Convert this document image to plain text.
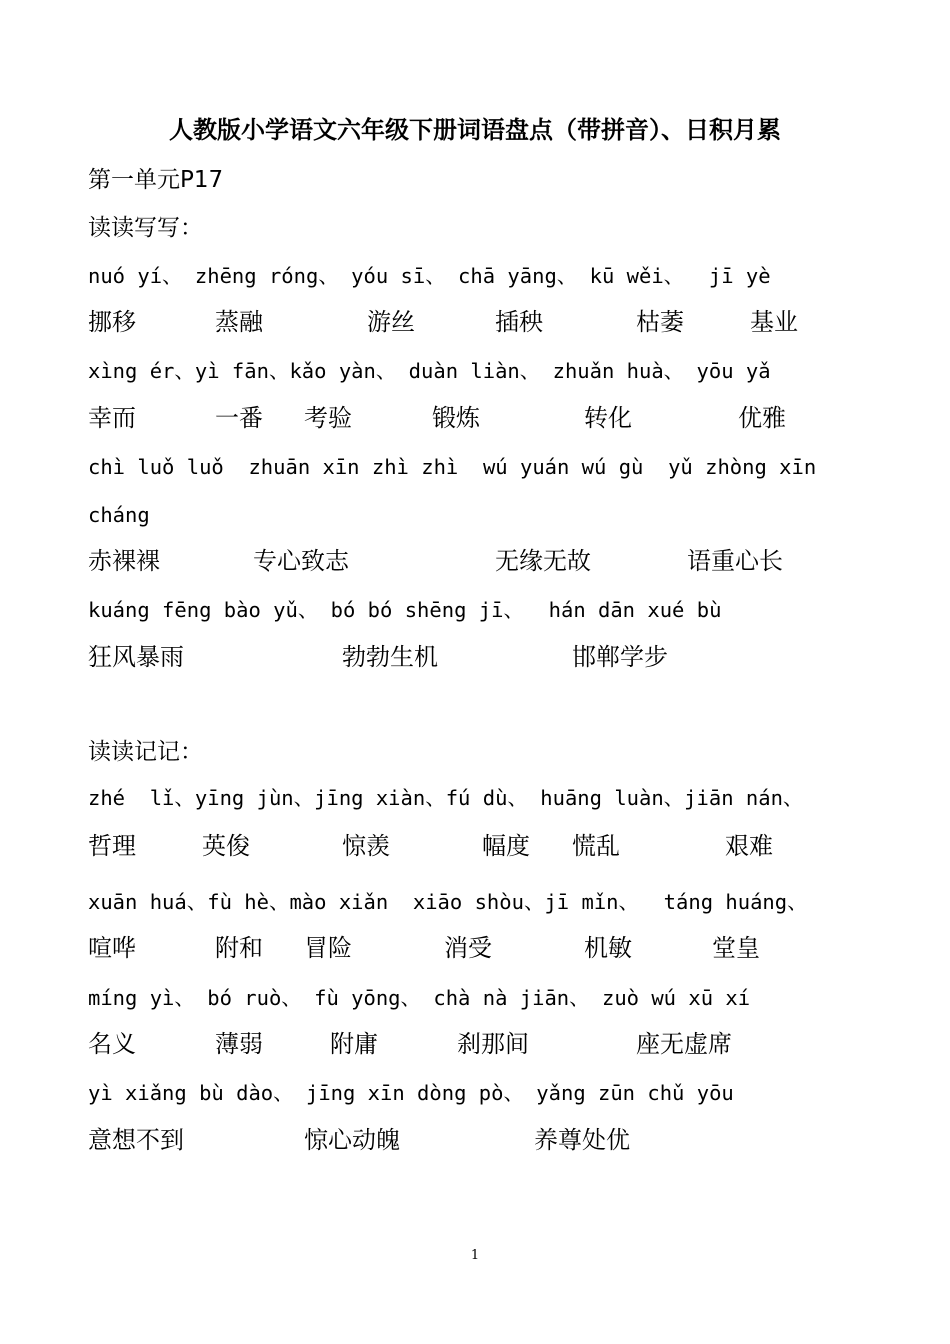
人教版小学语文六年级下册词语盘点（带拼音）、日积月累
第一单元P17
读读写写：
nuó yí、 zhēng róng、 yóu sī、 chā yāng、 kū wěi、  jī yè

挪移

	蒸融

	游丝

	插秧

	枯萎

	基业

xìng ér、yì fān、kǎo yàn、 duàn liàn、 zhuǎn huà、 yōu yǎ

幸而

	一番

考验

	锻炼

	转化

	优雅

chì luǒ luǒ  zhuān xīn zhì zhì  wú yuán wú gù  yǔ zhòng xīn
cháng

赤裸裸

	专心致志

	无缘无故

	语重心长

kuáng fēng bào yǔ、 bó bó shēng jī、  hán dān xué bù

狂风暴雨

	勃勃生机

	邯郸学步

读读记记：
zhé  lǐ、yīng jùn、jīng xiàn、fú dù、 huāng luàn、jiān nán、

哲理

	英俊

	惊羡

	幅度

慌乱

	艰难

xuān huá、fù hè、mào xiǎn  xiāo shòu、jī mǐn、  táng huáng、

喧哗

	附和

冒险

	消受

	机敏

	堂皇

míng yì、 bó ruò、 fù yōng、 chà nà jiān、 zuò wú xū xí

名义

	薄弱

	附庸

	刹那间

	座无虚席

yì xiǎng bù dào、 jīng xīn dòng pò、 yǎng zūn chǔ yōu

意想不到

	惊心动魄

	养尊处优

1
